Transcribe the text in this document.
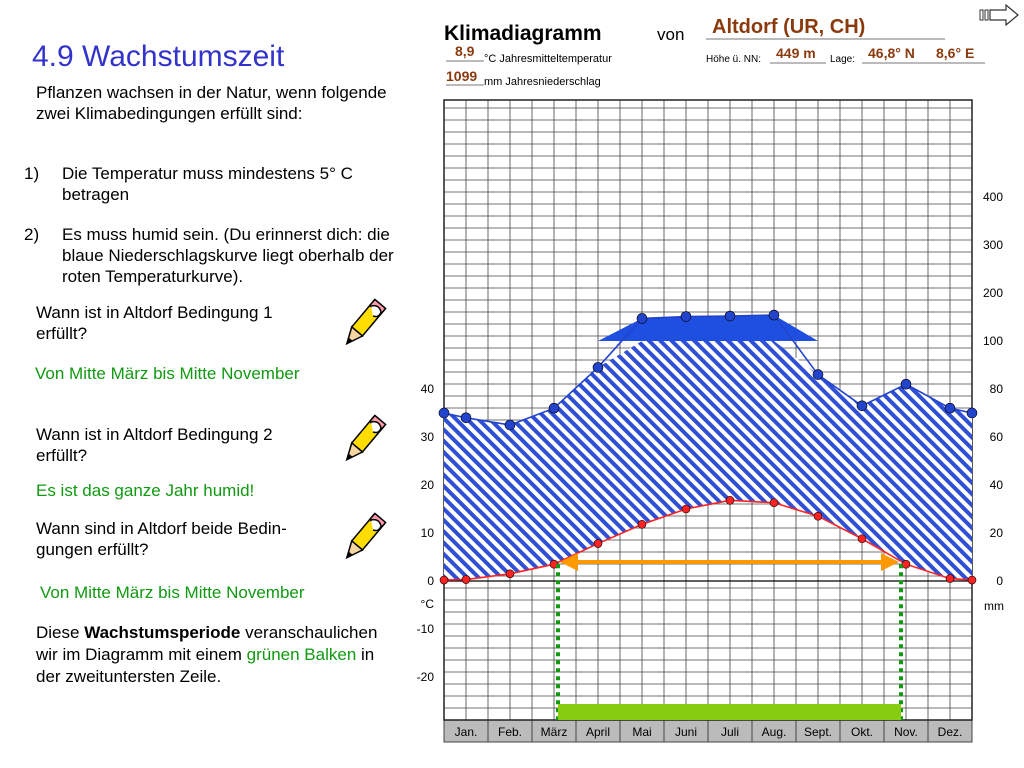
4.9 Wachstumszeit
Pflanzen wachsen in der Natur, wenn folgende zwei Klimabedingungen erfüllt sind:
1) Die Temperatur muss mindestens 5° C betragen
2) Es muss humid sein. (Du erinnerst dich: die blaue Niederschlagskurve liegt oberhalb der roten Temperaturkurve).
Wann ist in Altdorf Bedingung 1 erfüllt?
Von Mitte März bis Mitte November
Wann ist in Altdorf Bedingung 2 erfüllt?
Es ist das ganze Jahr humid!
Wann sind in Altdorf beide Bedin-gungen erfüllt?
Von Mitte März bis Mitte November
Diese Wachstumsperiode veranschaulichen wir im Diagramm mit einem grünen Balken in der zweituntersten Zeile.
Klimadiagramm	von Altdorf (UR, CH)
8,9 °C Jahresmitteltemperatur
1099 mm Jahresniederschlag
Höhe ü. NN: 449 m Lage: 46,8° N 8,6° E
40
30
20
10
0
-10
-20
°C
400
300
200
100
80
60
40
20
0
mm
Jan. Feb. März April Mai Juni Juli Aug. Sept. Okt. Nov. Dez.
